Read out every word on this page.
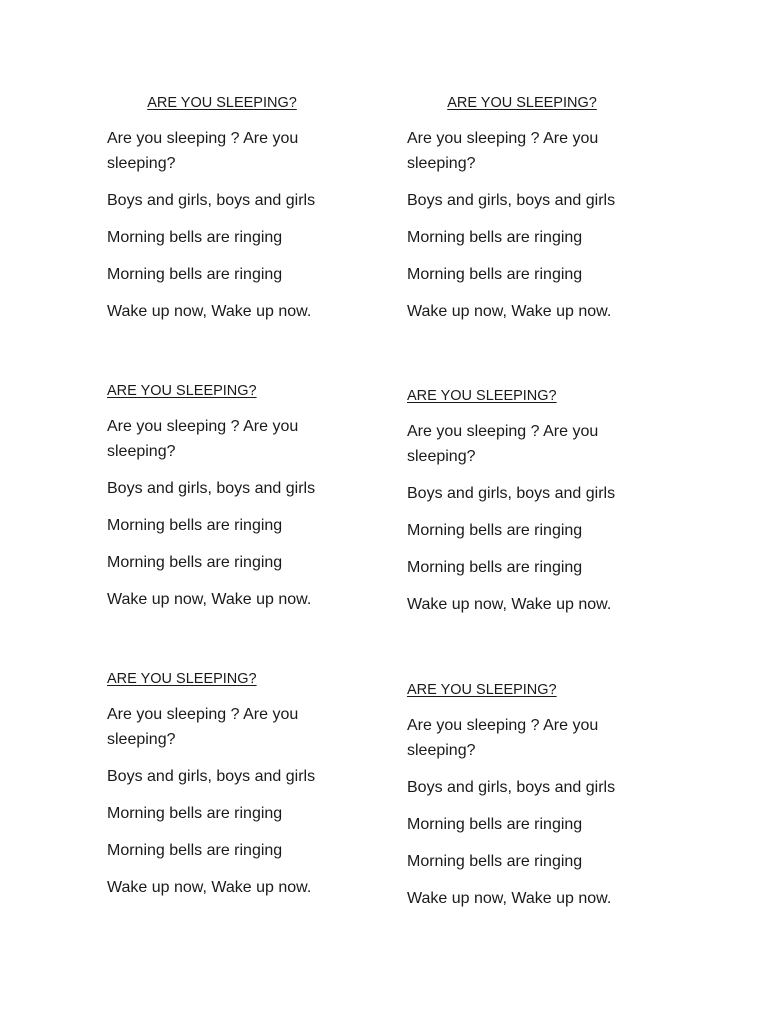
ARE YOU SLEEPING?
Are you sleeping ? Are you sleeping?
Boys and girls, boys and girls
Morning bells are ringing
Morning bells are ringing
Wake up now, Wake up now.
ARE YOU SLEEPING?
Are you sleeping ? Are you sleeping?
Boys and girls, boys and girls
Morning bells are ringing
Morning bells are ringing
Wake up now, Wake up now.
ARE YOU SLEEPING?
Are you sleeping ? Are you sleeping?
Boys and girls, boys and girls
Morning bells are ringing
Morning bells are ringing
Wake up now, Wake up now.
ARE YOU SLEEPING?
Are you sleeping ? Are you sleeping?
Boys and girls, boys and girls
Morning bells are ringing
Morning bells are ringing
Wake up now, Wake up now.
ARE YOU SLEEPING?
Are you sleeping ? Are you sleeping?
Boys and girls, boys and girls
Morning bells are ringing
Morning bells are ringing
Wake up now, Wake up now.
ARE YOU SLEEPING?
Are you sleeping ? Are you sleeping?
Boys and girls, boys and girls
Morning bells are ringing
Morning bells are ringing
Wake up now, Wake up now.
